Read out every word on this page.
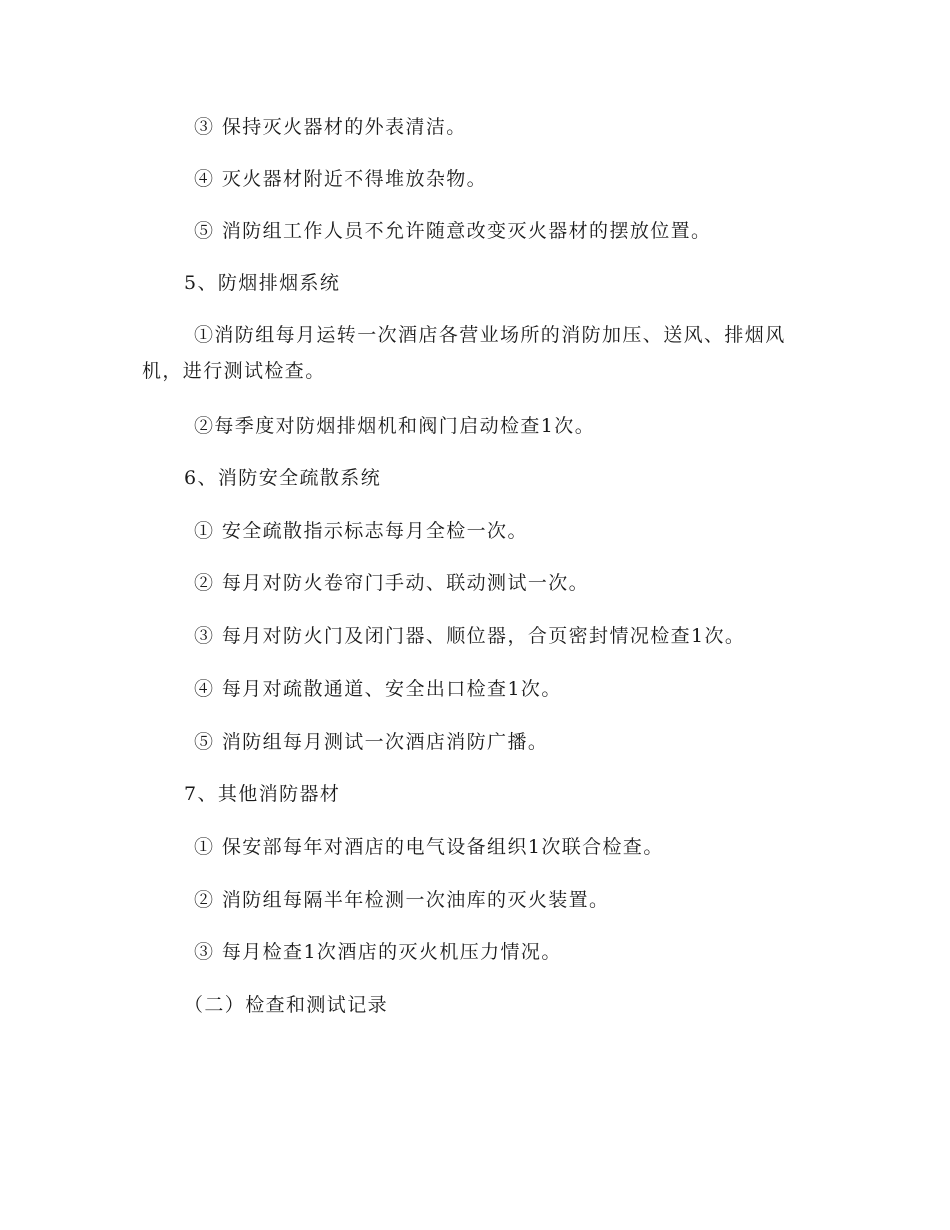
③ 保持灭火器材的外表清洁。
④ 灭火器材附近不得堆放杂物。
⑤ 消防组工作人员不允许随意改变灭火器材的摆放位置。
5、防烟排烟系统
①消防组每月运转一次酒店各营业场所的消防加压、送风、排烟风机，进行测试检查。
②每季度对防烟排烟机和阀门启动检查1次。
6、消防安全疏散系统
① 安全疏散指示标志每月全检一次。
② 每月对防火卷帘门手动、联动测试一次。
③ 每月对防火门及闭门器、顺位器，合页密封情况检查1次。
④ 每月对疏散通道、安全出口检查1次。
⑤ 消防组每月测试一次酒店消防广播。
7、其他消防器材
① 保安部每年对酒店的电气设备组织1次联合检查。
② 消防组每隔半年检测一次油库的灭火装置。
③ 每月检查1次酒店的灭火机压力情况。
（二）检查和测试记录
